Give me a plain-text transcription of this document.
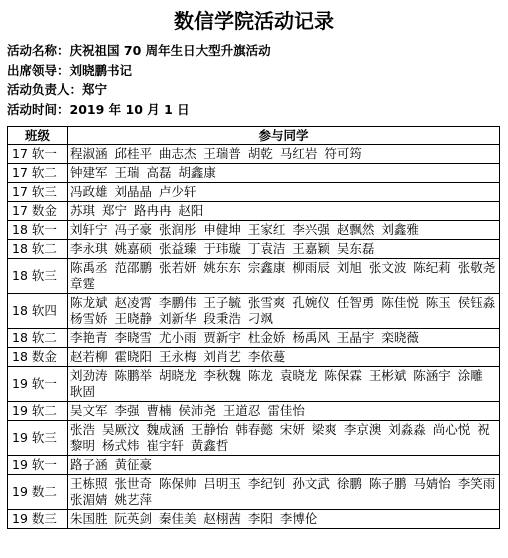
数信学院活动记录
活动名称：庆祝祖国 70 周年生日大型升旗活动
出席领导：刘晓鹏书记
活动负责人：郑宁
活动时间：2019 年 10 月 1 日
班级	参与同学
17 软一	程淑涵 邱桂平 曲志杰 王瑞普 胡乾 马红岩 符可筠
17 软二	钟建军 王瑞 高磊 胡鑫康
17 软三	冯政雄 刘晶晶 卢少轩
17 数金	苏琪 郑宁 路冉冉 赵阳
18 软一	刘轩宁 冯子豪 张润彤 申健坤 王家红 李兴强 赵飘然 刘鑫雅
18 软二	李永琪 姚嘉硕 张益臻 于玮璇 丁袁洁 王嘉颖 吴东磊
18 软三	陈禹丞 范邵鹏 张若妍 姚东东 宗鑫康 柳雨辰 刘旭 张文波 陈纪莉 张敬尧 章霆
18 软四	陈龙斌 赵凌霄 李鹏伟 王子毓 张雪爽 孔婉仪 任智勇 陈佳悦 陈玉 侯钰淼 杨雪娇 王晓静 刘新华 段秉浩 刁飒
18 软二	李艳青 李晓雪 尤小雨 贾新宇 杜金娇 杨禹风 王晶宇 栾晓薇
18 数金	赵若柳 霍晓阳 王永梅 刘肖艺 李依蔓
19 软一	刘劲涛 陈鹏举 胡晓龙 李秋魏 陈龙 袁晓龙 陈保霖 王彬斌 陈涵宇 涂雕 耿固
19 软二	吴文军 李强 曹楠 侯沛尧 王道忍 雷佳怡
19 软三	张浩 吴厥汶 魏成涵 王静怡 韩春懿 宋妍 梁爽 李京澳 刘淼淼 尚心悦 祝黎明 杨式炜 崔宇轩 黄鑫哲
19 软一	路子涵 黄征豪
19 数二	王栋照 张世奇 陈保帅 吕明玉 李纪钊 孙文武 徐鹏 陈子鹏 马婧怡 李笑雨 张湄婧 姚艺萍
19 数三	朱国胜 阮英剑 秦佳美 赵栩茜 李阳 李博伦
